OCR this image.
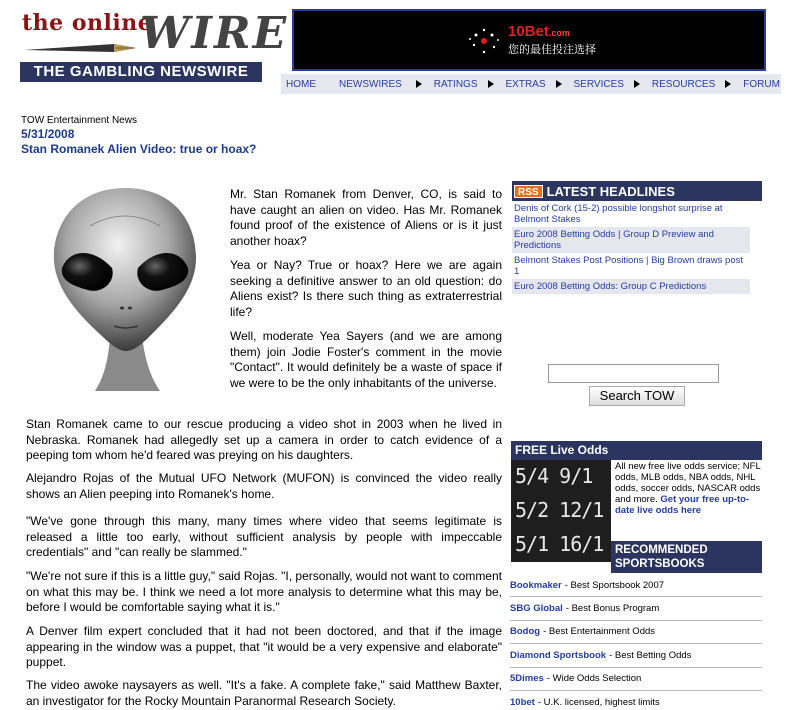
the online
WIRE
THE GAMBLING NEWSWIRE
10Bet.com
您的最佳投注选择
HOME NEWSWIRES	RATINGS	EXTRAS	SERVICES	RESOURCES	FORUM
TOW Entertainment News
5/31/2008
Stan Romanek Alien Video: true or hoax?

Mr. Stan Romanek from Denver, CO, is said to have caught an alien on video. Has Mr. Romanek found proof of the existence of Aliens or is it just another hoax?

Yea or Nay? True or hoax? Here we are again seeking a definitive answer to an old question: do Aliens exist? Is there such thing as extraterrestrial life?

Well, moderate Yea Sayers (and we are among them) join Jodie Foster's comment in the movie "Contact". It would definitely be a waste of space if we were to be the only inhabitants of the universe.

Stan Romanek came to our rescue producing a video shot in 2003 when he lived in Nebraska. Romanek had allegedly set up a camera in order to catch evidence of a peeping tom whom he'd feared was preying on his daughters.

Alejandro Rojas of the Mutual UFO Network (MUFON) is convinced the video really shows an Alien peeping into Romanek's home.

"We've gone through this many, many times where video that seems legitimate is released a little too early, without sufficient analysis by people with impeccable credentials" and "can really be slammed."

"We're not sure if this is a little guy," said Rojas. "I, personally, would not want to comment on what this may be. I think we need a lot more analysis to determine what this may be, before I would be comfortable saying what it is."

A Denver film expert concluded that it had not been doctored, and that if the image appearing in the window was a puppet, that "it would be a very expensive and elaborate" puppet.

The video awoke naysayers as well. "It's a fake. A complete fake," said Matthew Baxter, an investigator for the Rocky Mountain Paranormal Research Society.

RSS LATEST HEADLINES
Denis of Cork (15-2) possible longshot surprise at Belmont Stakes
Euro 2008 Betting Odds | Group D Preview and Predictions
Belmont Stakes Post Positions | Big Brown draws post 1
Euro 2008 Betting Odds: Group C Predictions
Search TOW
FREE Live Odds
5/4 9/1
5/2 12/1
5/1 16/1
All new free live odds service; NFL odds, MLB odds, NBA odds, NHL odds, soccer odds, NASCAR odds and more. Get your free up-to-date live odds here
RECOMMENDED SPORTSBOOKS
Bookmaker - Best Sportsbook 2007
SBG Global - Best Bonus Program
Bodog - Best Entertainment Odds
Diamond Sportsbook - Best Betting Odds
5Dimes - Wide Odds Selection
10bet - U.K. licensed, highest limits
